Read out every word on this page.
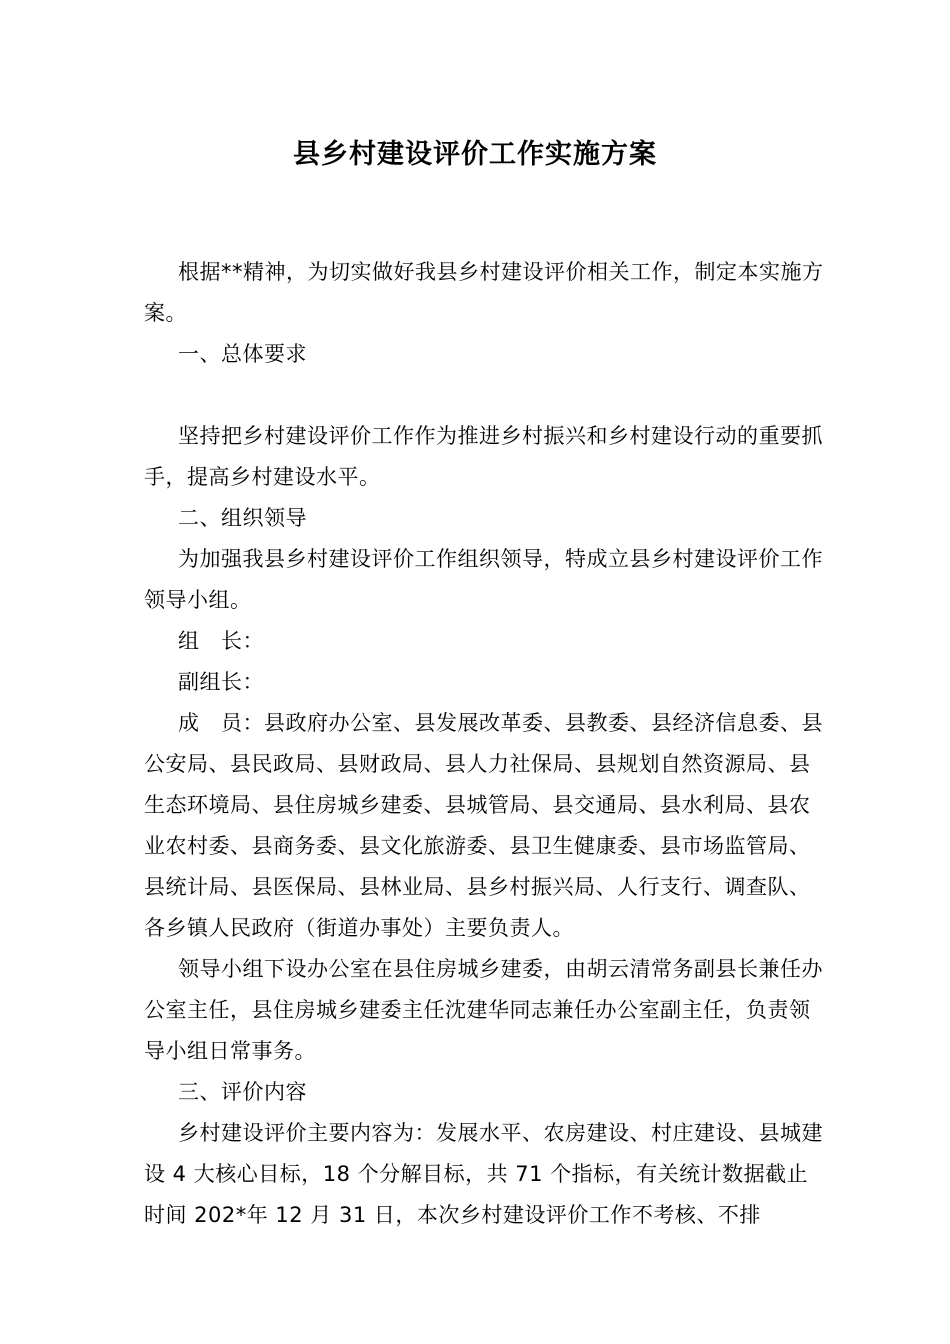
县乡村建设评价工作实施方案

根据**精神，为切实做好我县乡村建设评价相关工作，制定本实施方案。

一、总体要求

坚持把乡村建设评价工作作为推进乡村振兴和乡村建设行动的重要抓手，提高乡村建设水平。

二、组织领导

为加强我县乡村建设评价工作组织领导，特成立县乡村建设评价工作领导小组。

组　长：

副组长：

成　员：县政府办公室、县发展改革委、县教委、县经济信息委、县公安局、县民政局、县财政局、县人力社保局、县规划自然资源局、县生态环境局、县住房城乡建委、县城管局、县交通局、县水利局、县农业农村委、县商务委、县文化旅游委、县卫生健康委、县市场监管局、县统计局、县医保局、县林业局、县乡村振兴局、人行支行、调查队、各乡镇人民政府（街道办事处）主要负责人。

领导小组下设办公室在县住房城乡建委，由胡云清常务副县长兼任办公室主任，县住房城乡建委主任沈建华同志兼任办公室副主任，负责领导小组日常事务。

三、评价内容

乡村建设评价主要内容为：发展水平、农房建设、村庄建设、县城建设 4 大核心目标，18 个分解目标，共 71 个指标，有关统计数据截止时间 202*年 12 月 31 日，本次乡村建设评价工作不考核、不排
